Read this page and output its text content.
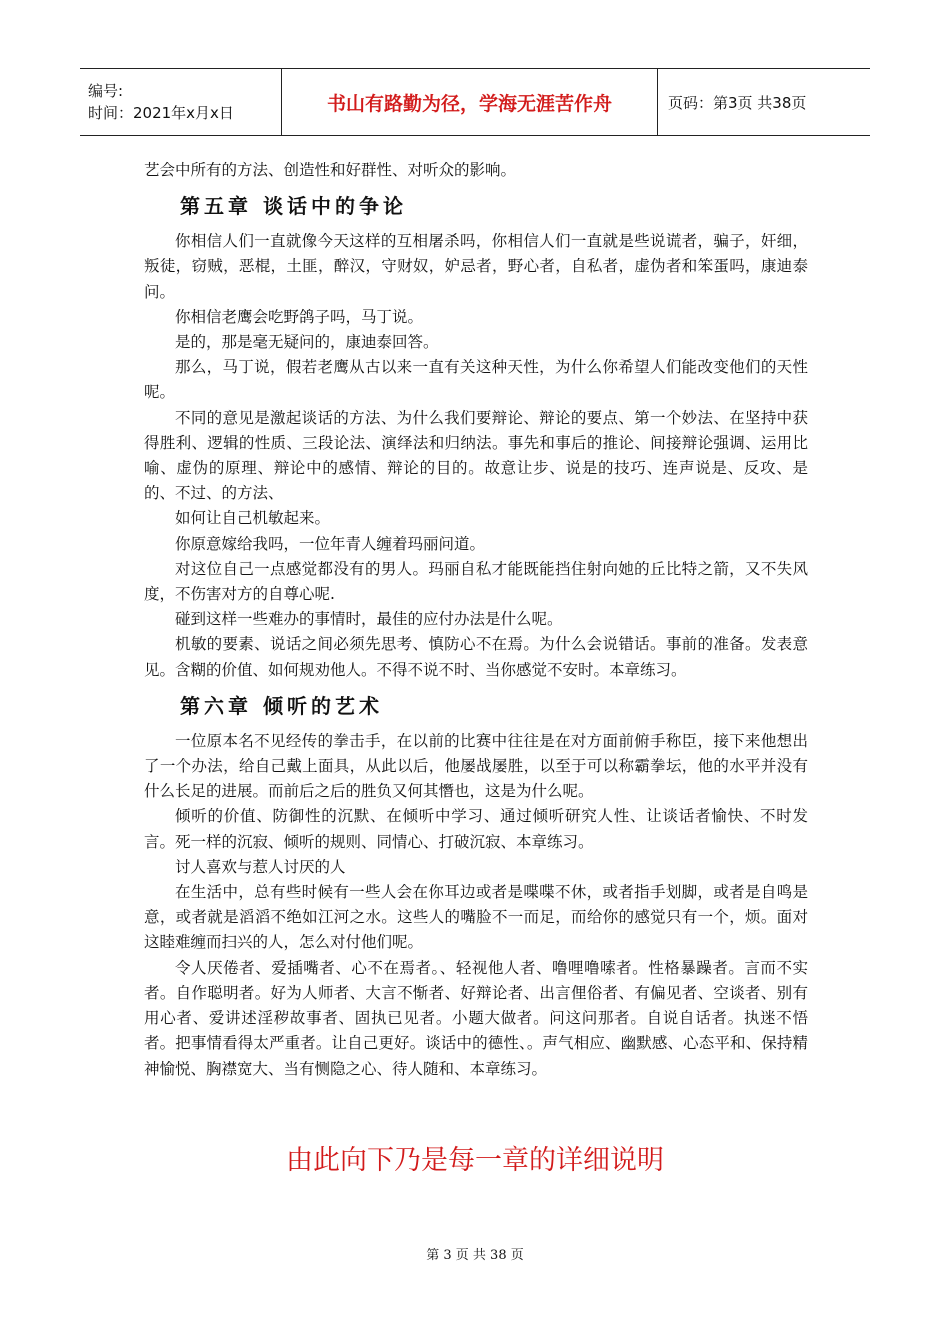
编号:
时间：2021年x月x日	书山有路勤为径，学海无涯苦作舟	页码：第3页 共38页

艺会中所有的方法、创造性和好群性、对听众的影响。

第五章 谈话中的争论

你相信人们一直就像今天这样的互相屠杀吗，你相信人们一直就是些说谎者，骗子，奸细，叛徒，窃贼，恶棍，土匪，醉汉，守财奴，妒忌者，野心者，自私者，虚伪者和笨蛋吗，康迪泰问。

你相信老鹰会吃野鸽子吗，马丁说。

是的，那是毫无疑问的，康迪泰回答。

那么，马丁说，假若老鹰从古以来一直有关这种天性，为什么你希望人们能改变他们的天性呢。

不同的意见是激起谈话的方法、为什么我们要辩论、辩论的要点、第一个妙法、在坚持中获得胜利、逻辑的性质、三段论法、演绎法和归纳法。事先和事后的推论、间接辩论强调、运用比喻、虚伪的原理、辩论中的感情、辩论的目的。故意让步、说是的技巧、连声说是、反攻、是的、不过、的方法、

如何让自己机敏起来。

你原意嫁给我吗，一位年青人缠着玛丽问道。

对这位自己一点感觉都没有的男人。玛丽自私才能既能挡住射向她的丘比特之箭，又不失风度，不伤害对方的自尊心呢.

碰到这样一些难办的事情时，最佳的应付办法是什么呢。

机敏的要素、说话之间必须先思考、慎防心不在焉。为什么会说错话。事前的准备。发表意见。含糊的价值、如何规劝他人。不得不说不时、当你感觉不安时。本章练习。

第六章 倾听的艺术

一位原本名不见经传的拳击手，在以前的比赛中往往是在对方面前俯手称臣，接下来他想出了一个办法，给自己戴上面具，从此以后，他屡战屡胜，以至于可以称霸拳坛，他的水平并没有什么长足的进展。而前后之后的胜负又何其憯也，这是为什么呢。

倾听的价值、防御性的沉默、在倾听中学习、通过倾听研究人性、让谈话者愉快、不时发言。死一样的沉寂、倾听的规则、同情心、打破沉寂、本章练习。

讨人喜欢与惹人讨厌的人

在生活中，总有些时候有一些人会在你耳边或者是喋喋不休，或者指手划脚，或者是自鸣是意，或者就是滔滔不绝如江河之水。这些人的嘴脸不一而足，而给你的感觉只有一个，烦。面对这睦难缠而扫兴的人，怎么对付他们呢。

令人厌倦者、爱插嘴者、心不在焉者。、轻视他人者、噜哩噜嗦者。性格暴躁者。言而不实者。自作聪明者。好为人师者、大言不惭者、好辩论者、出言俚俗者、有偏见者、空谈者、别有用心者、爱讲述淫秽故事者、固执已见者。小题大做者。问这问那者。自说自话者。执迷不悟者。把事情看得太严重者。让自己更好。谈话中的德性、。声气相应、幽默感、心态平和、保持精神愉悦、胸襟宽大、当有恻隐之心、待人随和、本章练习。

由此向下乃是每一章的详细说明
第 3 页 共 38 页
